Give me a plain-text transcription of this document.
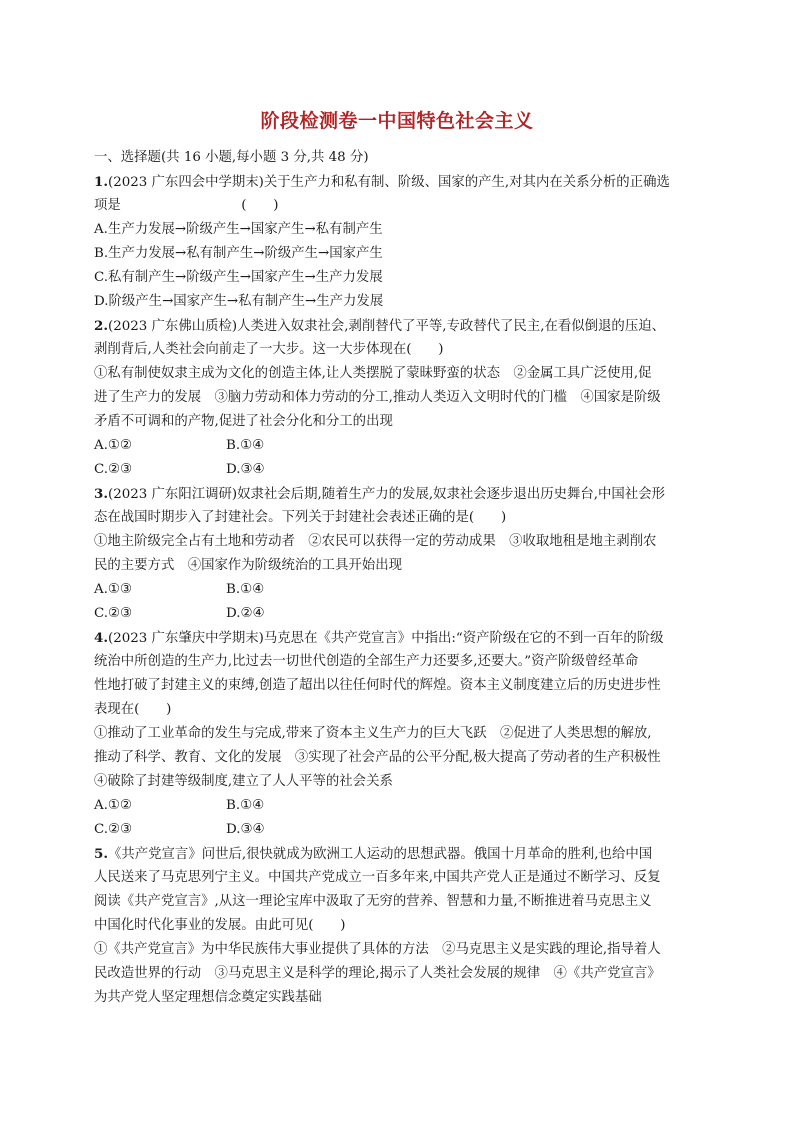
阶段检测卷一中国特色社会主义
一、选择题(共 16 小题,每小题 3 分,共 48 分)
1.(2023 广东四会中学期末)关于生产力和私有制、阶级、国家的产生,对其内在关系分析的正确选
项是　　　　　　　　　(　　)
A.生产力发展→阶级产生→国家产生→私有制产生
B.生产力发展→私有制产生→阶级产生→国家产生
C.私有制产生→阶级产生→国家产生→生产力发展
D.阶级产生→国家产生→私有制产生→生产力发展
2.(2023 广东佛山质检)人类进入奴隶社会,剥削替代了平等,专政替代了民主,在看似倒退的压迫、
剥削背后,人类社会向前走了一大步。这一大步体现在(　　)
①私有制使奴隶主成为文化的创造主体,让人类摆脱了蒙昧野蛮的状态　②金属工具广泛使用,促
进了生产力的发展　③脑力劳动和体力劳动的分工,推动人类迈入文明时代的门槛　④国家是阶级
矛盾不可调和的产物,促进了社会分化和分工的出现
A.①②	B.①④
C.②③	D.③④
3.(2023 广东阳江调研)奴隶社会后期,随着生产力的发展,奴隶社会逐步退出历史舞台,中国社会形
态在战国时期步入了封建社会。下列关于封建社会表述正确的是(　　)
①地主阶级完全占有土地和劳动者　②农民可以获得一定的劳动成果　③收取地租是地主剥削农
民的主要方式　④国家作为阶级统治的工具开始出现
A.①③	B.①④
C.②③	D.②④
4.(2023 广东肇庆中学期末)马克思在《共产党宣言》中指出:“资产阶级在它的不到一百年的阶级
统治中所创造的生产力,比过去一切世代创造的全部生产力还要多,还要大。”资产阶级曾经革命
性地打破了封建主义的束缚,创造了超出以往任何时代的辉煌。资本主义制度建立后的历史进步性
表现在(　　)
①推动了工业革命的发生与完成,带来了资本主义生产力的巨大飞跃　②促进了人类思想的解放,
推动了科学、教育、文化的发展　③实现了社会产品的公平分配,极大提高了劳动者的生产积极性
④破除了封建等级制度,建立了人人平等的社会关系
A.①②	B.①④
C.②③	D.③④
5.《共产党宣言》问世后,很快就成为欧洲工人运动的思想武器。俄国十月革命的胜利,也给中国
人民送来了马克思列宁主义。中国共产党成立一百多年来,中国共产党人正是通过不断学习、反复
阅读《共产党宣言》,从这一理论宝库中汲取了无穷的营养、智慧和力量,不断推进着马克思主义
中国化时代化事业的发展。由此可见(　　)
①《共产党宣言》为中华民族伟大事业提供了具体的方法　②马克思主义是实践的理论,指导着人
民改造世界的行动　③马克思主义是科学的理论,揭示了人类社会发展的规律　④《共产党宣言》
为共产党人坚定理想信念奠定实践基础
